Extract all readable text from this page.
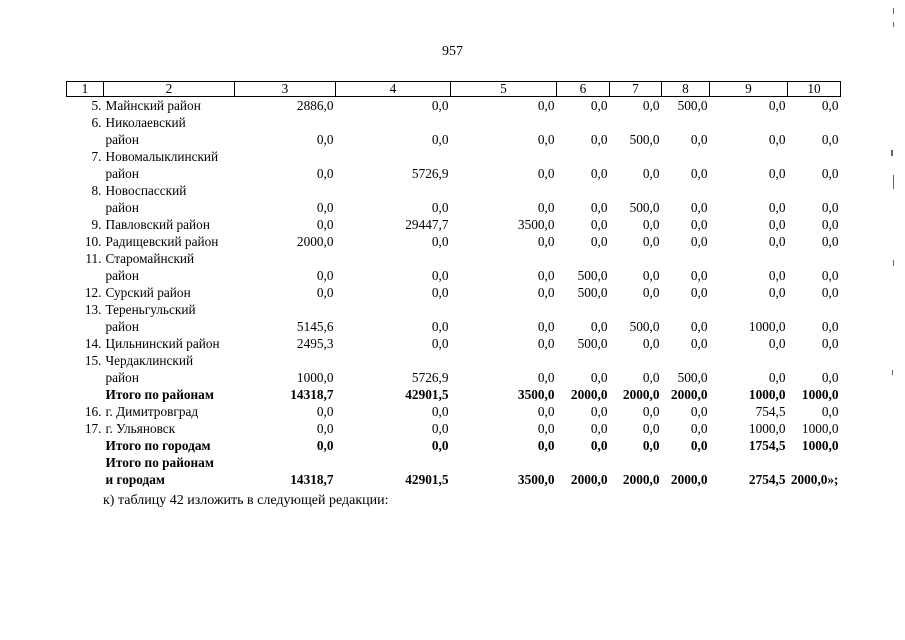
957
1	2	3	4	5	6	7	8	9	10
5.	Майнский район	2886,0	0,0	0,0	0,0	0,0	500,0	0,0	0,0
6.	Николаевский								
	район	0,0	0,0	0,0	0,0	500,0	0,0	0,0	0,0
7.	Новомалыклинский								
	район	0,0	5726,9	0,0	0,0	0,0	0,0	0,0	0,0
8.	Новоспасский								
	район	0,0	0,0	0,0	0,0	500,0	0,0	0,0	0,0
9.	Павловский район	0,0	29447,7	3500,0	0,0	0,0	0,0	0,0	0,0
10.	Радищевский район	2000,0	0,0	0,0	0,0	0,0	0,0	0,0	0,0
11.	Старомайнский								
	район	0,0	0,0	0,0	500,0	0,0	0,0	0,0	0,0
12.	Сурский район	0,0	0,0	0,0	500,0	0,0	0,0	0,0	0,0
13.	Тереньгульский								
	район	5145,6	0,0	0,0	0,0	500,0	0,0	1000,0	0,0
14.	Цильнинский район	2495,3	0,0	0,0	500,0	0,0	0,0	0,0	0,0
15.	Чердаклинский								
	район	1000,0	5726,9	0,0	0,0	0,0	500,0	0,0	0,0
	Итого по районам	14318,7	42901,5	3500,0	2000,0	2000,0	2000,0	1000,0	1000,0
16.	г. Димитровград	0,0	0,0	0,0	0,0	0,0	0,0	754,5	0,0
17.	г. Ульяновск	0,0	0,0	0,0	0,0	0,0	0,0	1000,0	1000,0
	Итого по городам	0,0	0,0	0,0	0,0	0,0	0,0	1754,5	1000,0
	Итого по районам								
	и городам	14318,7	42901,5	3500,0	2000,0	2000,0	2000,0	2754,5	2000,0»;
к) таблицу 42 изложить в следующей редакции:
